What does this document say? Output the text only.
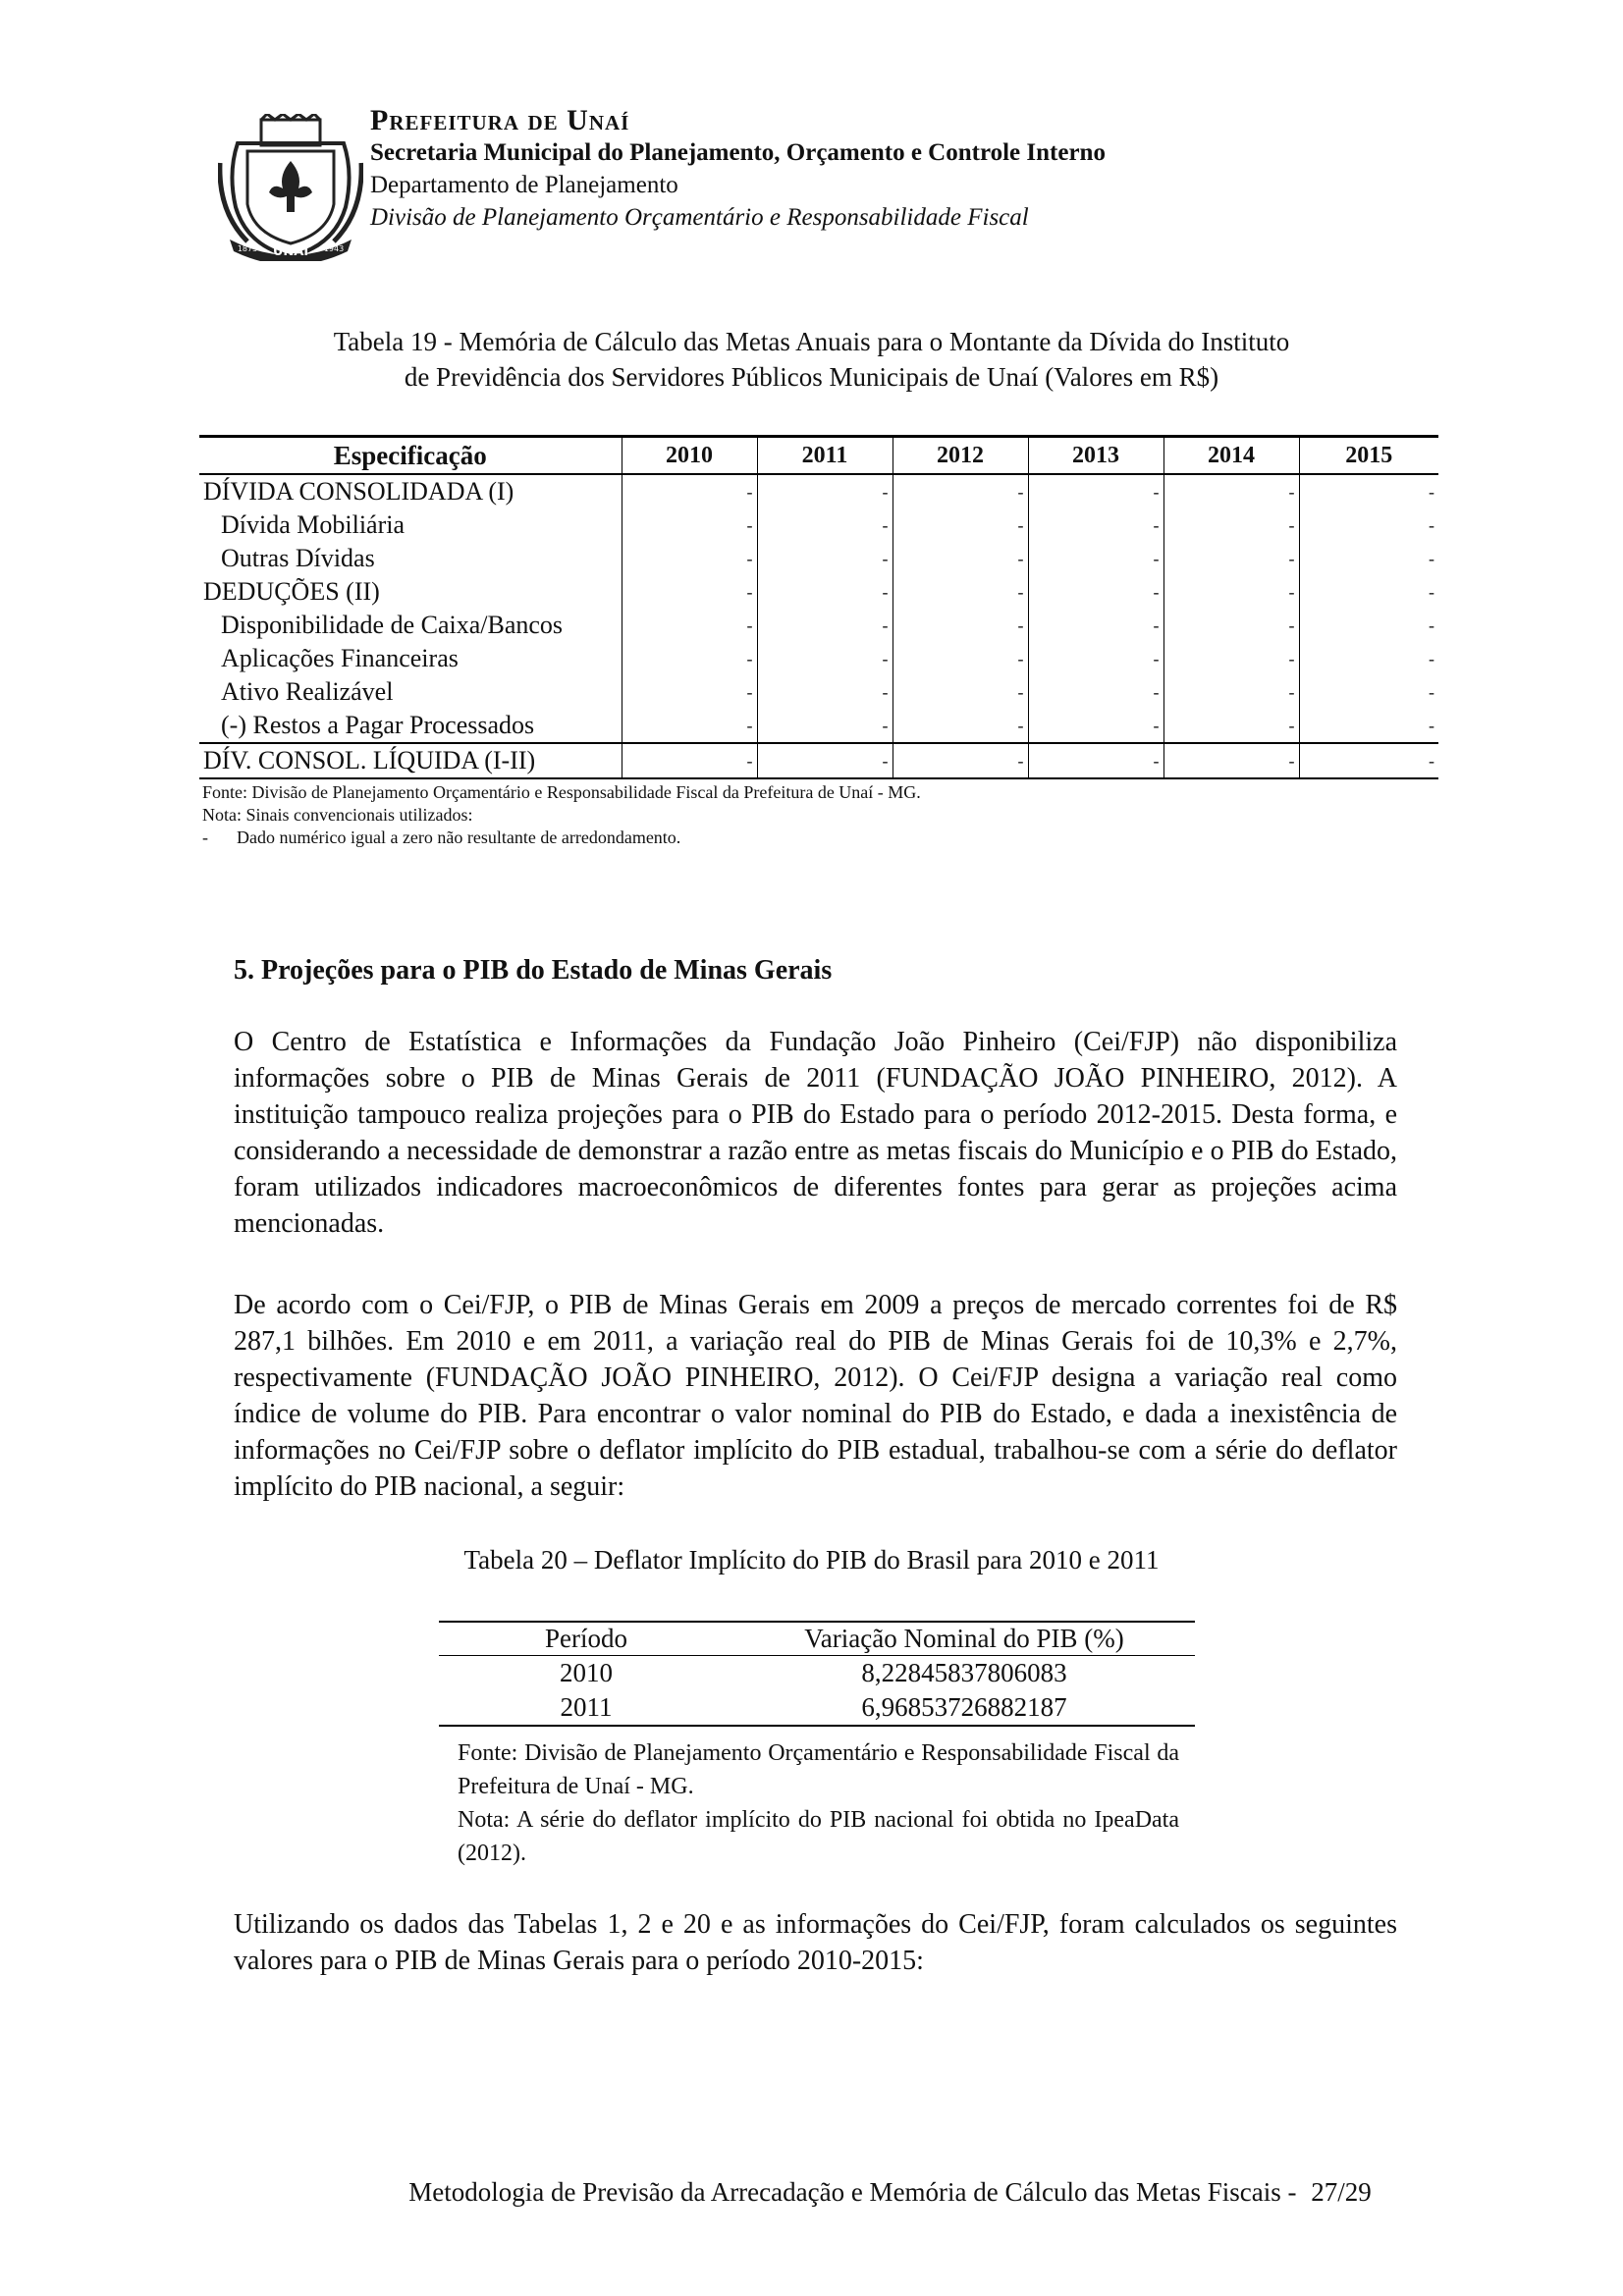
UNAÍ
1873	1943
Prefeitura de Unaí
Secretaria Municipal do Planejamento, Orçamento e Controle Interno
Departamento de Planejamento
Divisão de Planejamento Orçamentário e Responsabilidade Fiscal
Tabela 19 - Memória de Cálculo das Metas Anuais para o Montante da Dívida do Instituto
de Previdência dos Servidores Públicos Municipais de Unaí (Valores em R$)
Especificação	2010	2011	2012	2013	2014	2015
DÍVIDA CONSOLIDADA (I)	-	-	-	-	-	-
Dívida Mobiliária	-	-	-	-	-	-
Outras Dívidas	-	-	-	-	-	-
DEDUÇÕES (II)	-	-	-	-	-	-
Disponibilidade de Caixa/Bancos	-	-	-	-	-	-
Aplicações Financeiras	-	-	-	-	-	-
Ativo Realizável	-	-	-	-	-	-
(-) Restos a Pagar Processados	-	-	-	-	-	-
DÍV. CONSOL. LÍQUIDA (I-II)	-	-	-	-	-	-
Fonte: Divisão de Planejamento Orçamentário e Responsabilidade Fiscal da Prefeitura de Unaí - MG.
Nota: Sinais convencionais utilizados:
- Dado numérico igual a zero não resultante de arredondamento.
5. Projeções para o PIB do Estado de Minas Gerais
O Centro de Estatística e Informações da Fundação João Pinheiro (Cei/FJP) não disponibiliza informações sobre o PIB de Minas Gerais de 2011 (FUNDAÇÃO JOÃO PINHEIRO, 2012). A instituição tampouco realiza projeções para o PIB do Estado para o período 2012-2015. Desta forma, e considerando a necessidade de demonstrar a razão entre as metas fiscais do Município e o PIB do Estado, foram utilizados indicadores macroeconômicos de diferentes fontes para gerar as projeções acima mencionadas.
De acordo com o Cei/FJP, o PIB de Minas Gerais em 2009 a preços de mercado correntes foi de R$ 287,1 bilhões. Em 2010 e em 2011, a variação real do PIB de Minas Gerais foi de 10,3% e 2,7%, respectivamente (FUNDAÇÃO JOÃO PINHEIRO, 2012). O Cei/FJP designa a variação real como índice de volume do PIB. Para encontrar o valor nominal do PIB do Estado, e dada a inexistência de informações no Cei/FJP sobre o deflator implícito do PIB estadual, trabalhou-se com a série do deflator implícito do PIB nacional, a seguir:
Tabela 20 – Deflator Implícito do PIB do Brasil para 2010 e 2011
Período	Variação Nominal do PIB (%)
2010	8,22845837806083
2011	6,96853726882187
Fonte: Divisão de Planejamento Orçamentário e Responsabilidade Fiscal da Prefeitura de Unaí - MG.
Nota: A série do deflator implícito do PIB nacional foi obtida no IpeaData (2012).
Utilizando os dados das Tabelas 1, 2 e 20 e as informações do Cei/FJP, foram calculados os seguintes valores para o PIB de Minas Gerais para o período 2010-2015:
Metodologia de Previsão da Arrecadação e Memória de Cálculo das Metas Fiscais - 27/29
